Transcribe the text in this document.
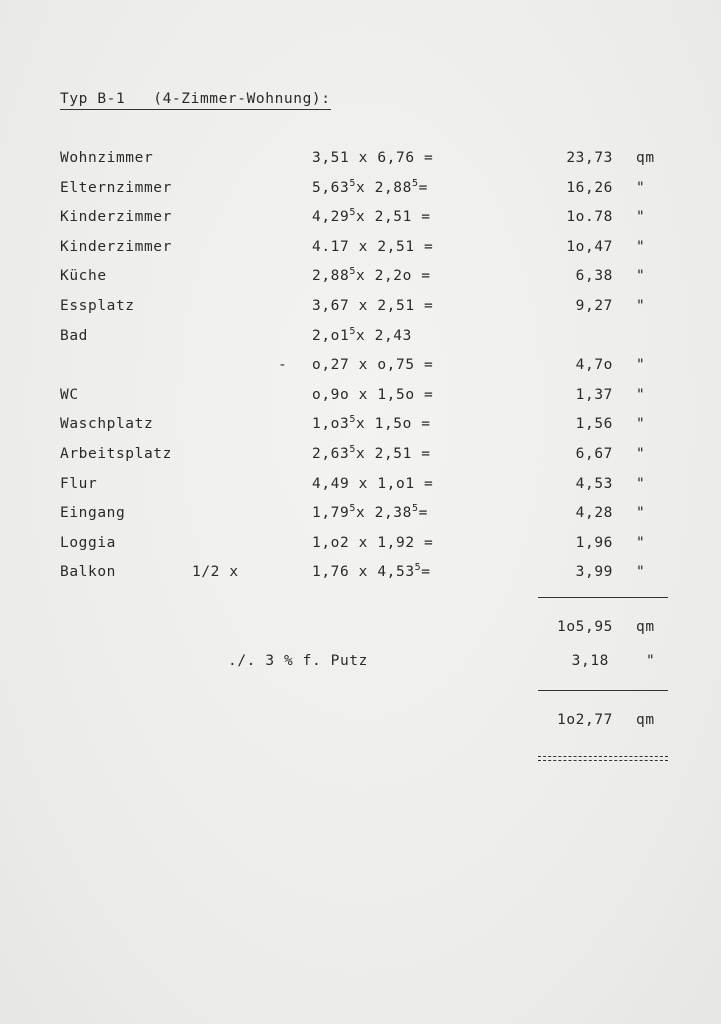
Typ B-1   (4-Zimmer-Wohnung):
Wohnzimmer	3,51 x 6,76 =	23,73 qm
Elternzimmer	5,63$^5$x $2,88^5=$	16,26 "
Kinderzimmer	4,29$^5$x 2,51 =	1o.78 "
Kinderzimmer	4.17 x 2,51 =	1o,47 "
Küche	2,88$^5$x 2,2o =	6,38 "
Essplatz	3,67 x 2,51 =	9,27 "
Bad	$2,o1^5x$ 2,43
- o,27 x o,75 =	4,7o "
WC	o,9o x 1,5o =	1,37 "
Waschplatz	$1,o3^5x$ 1,5o =	1,56 "
Arbeitsplatz	2,63$^5$x 2,51 =	6,67 "
Flur	4,49 x 1,o1 =	4,53 "
Eingang	1,79$^5$x $2,38^5=$	4,28 "
Loggia	1,o2 x 1,92 =	1,96 "
Balkon	1/2 x	1,76 x $4,53^5=$	3,99 "
1o5,95 qm
./. 3 % f. Putz	3,18	"
1o2,77 qm
